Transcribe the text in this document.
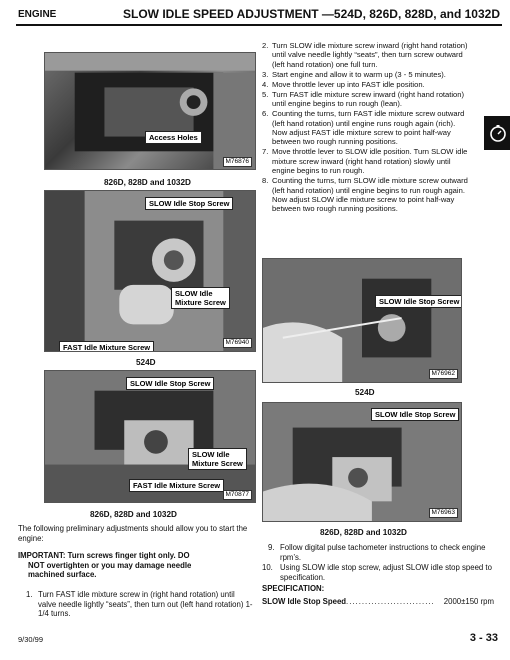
ENGINE	SLOW IDLE SPEED ADJUSTMENT —524D, 826D, 828D, and 1032D
Access Holes
M76876
826D, 828D and 1032D
SLOW Idle Stop Screw
SLOW Idle
Mixture Screw
FAST Idle Mixture Screw
M76940
524D
SLOW Idle Stop Screw
SLOW Idle
Mixture Screw
FAST Idle Mixture Screw
M70877
826D, 828D and 1032D
2. Turn SLOW idle mixture screw inward (right hand rotation) until valve needle lightly “seats”, then turn screw outward (left hand rotation) one full turn.
3. Start engine and allow it to warm up (3 - 5 minutes).
4. Move throttle lever up into FAST idle position.
5. Turn FAST idle mixture screw inward (right hand rotation) until engine begins to run rough (lean).
6. Counting the turns, turn FAST idle mixture screw outward (left hand rotation) until engine runs rough again (rich). Now adjust FAST idle mixture screw to point half-way between two rough running positions.
7. Move throttle lever to SLOW idle position. Turn SLOW idle mixture screw inward (right hand rotation) slowly until engine begins to run rough.
8. Counting the turns, turn SLOW idle mixture screw outward (left hand rotation) until engine begins to run rough again. Now adjust SLOW idle mixture screw to point half-way between two rough running positions.
SLOW Idle Stop Screw
M76962
524D
SLOW Idle Stop Screw
M76963
826D, 828D and 1032D
The following preliminary adjustments should allow you to start the engine:
IMPORTANT: Turn screws finger tight only. DO
NOT overtighten or you may damage needle
machined surface.
1. Turn FAST idle mixture screw in (right hand rotation) until valve needle lightly “seats”, then turn out (left hand rotation) 1-1/4 turns.
9. Follow digital pulse tachometer instructions to check engine rpm’s.
10. Using SLOW idle stop screw, adjust SLOW idle stop speed to specification.
SPECIFICATION:
SLOW Idle Stop Speed ............................	2000±150 rpm
9/30/99	3 - 33
